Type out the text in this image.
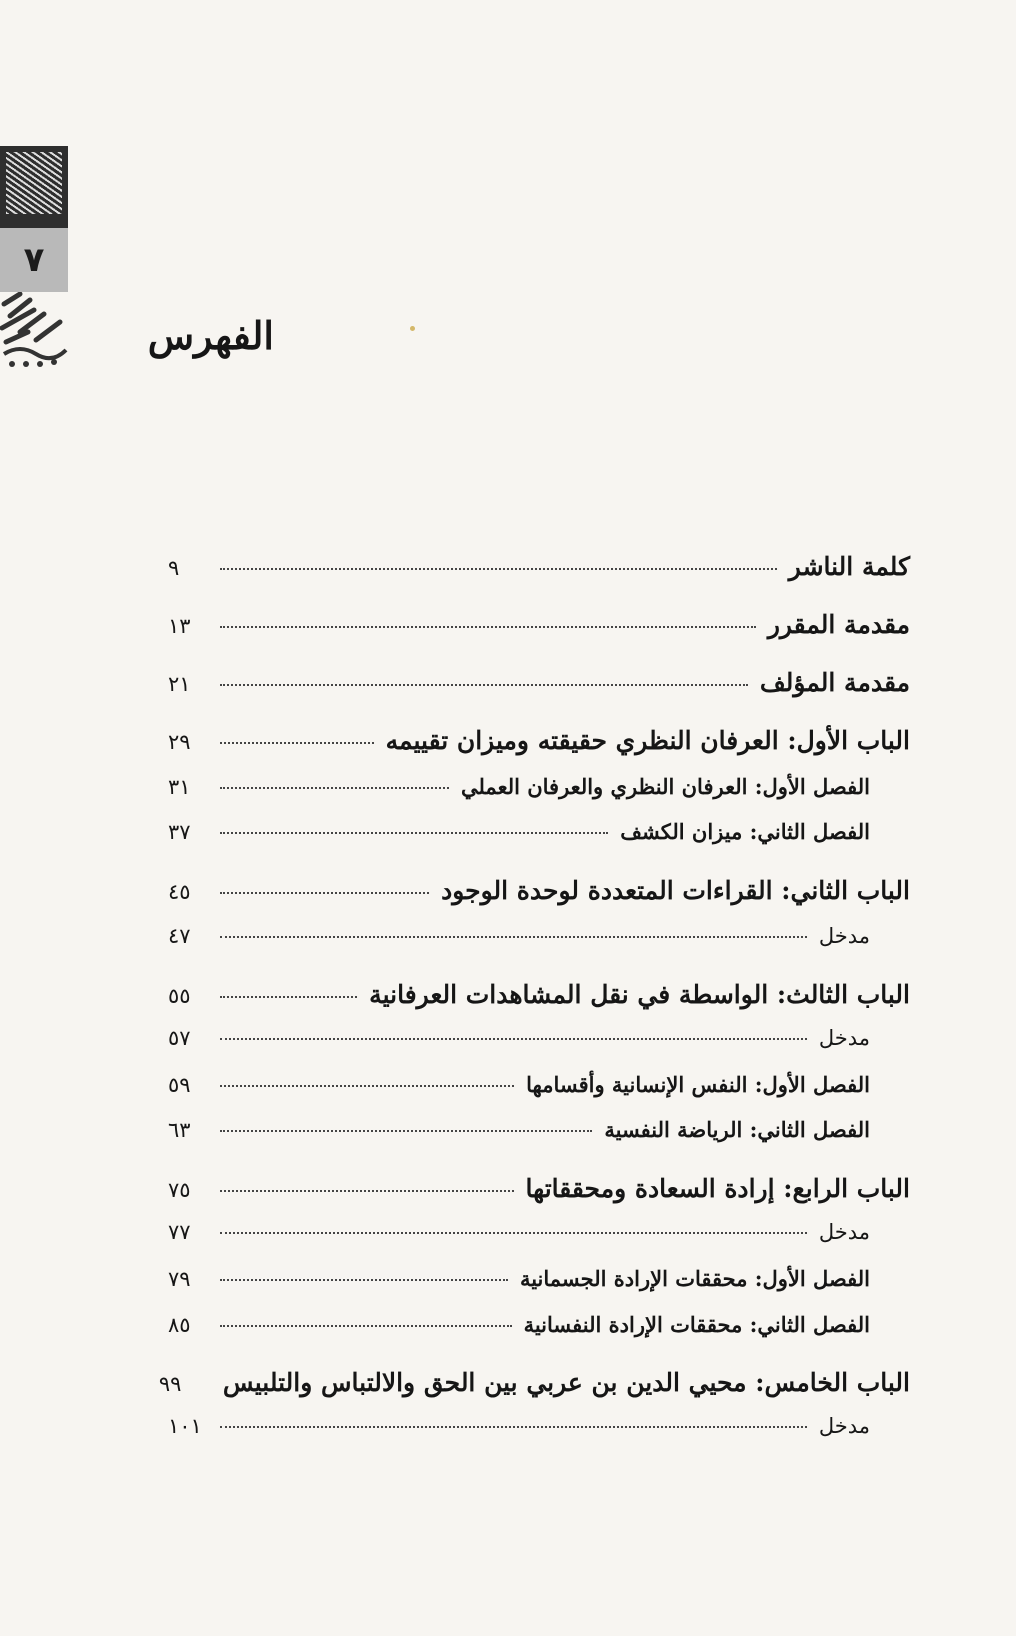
٧
الفهرس
كلمة الناشر
٩
مقدمة المقرر
١٣
مقدمة المؤلف
٢١
الباب الأول: العرفان النظري حقيقته وميزان تقييمه
٢٩
الفصل الأول: العرفان النظري والعرفان العملي
٣١
الفصل الثاني: ميزان الكشف
٣٧
الباب الثاني: القراءات المتعددة لوحدة الوجود
٤٥
مدخل
٤٧
الباب الثالث: الواسطة في نقل المشاهدات العرفانية
٥٥
مدخل
٥٧
الفصل الأول: النفس الإنسانية وأقسامها
٥٩
الفصل الثاني: الرياضة النفسية
٦٣
الباب الرابع: إرادة السعادة ومحققاتها
٧٥
مدخل
٧٧
الفصل الأول: محققات الإرادة الجسمانية
٧٩
الفصل الثاني: محققات الإرادة النفسانية
٨٥
الباب الخامس: محيي الدين بن عربي بين الحق والالتباس والتلبيس
٩٩
مدخل
١٠١
